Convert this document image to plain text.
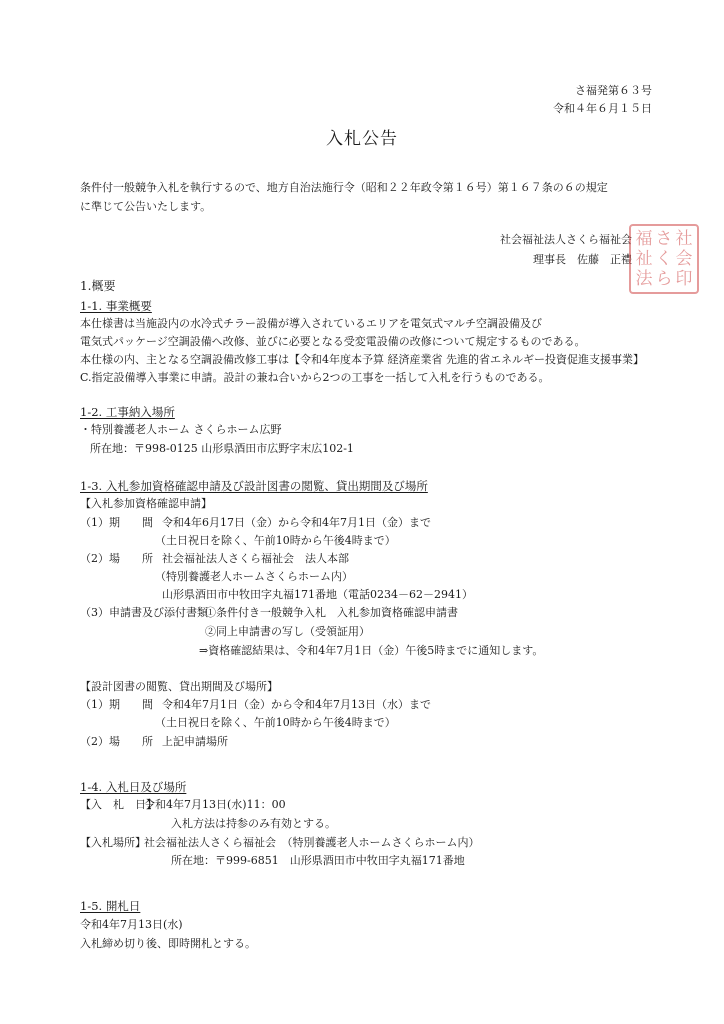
さ福発第６３号
令和４年６月１５日
入札公告
条件付一般競争入札を執行するので、地方自治法施行令（昭和２２年政令第１６号）第１６７条の６の規定
に準じて公告いたします。
社会福祉法人さくら福祉会
理事長　佐藤　正禮
福 さ 社
祉 く 会
法 ら 印
1.概要
1-1. 事業概要
本仕様書は当施設内の水冷式チラー設備が導入されているエリアを電気式マルチ空調設備及び
電気式パッケージ空調設備へ改修、並びに必要となる受変電設備の改修について規定するものである。
本仕様の内、主となる空調設備改修工事は【令和4年度本予算 経済産業省 先進的省エネルギー投資促進支援事業】
C.指定設備導入事業に申請。設計の兼ね合いから2つの工事を一括して入札を行うものである。
1-2. 工事納入場所
・特別養護老人ホーム さくらホーム広野
所在地：〒998-0125 山形県酒田市広野字末広102-1
1-3. 入札参加資格確認申請及び設計図書の閲覧、貸出期間及び場所
【入札参加資格確認申請】
（1）期　　間 令和4年6月17日（金）から令和4年7月1日（金）まで
（土日祝日を除く、午前10時から午後4時まで）
（2）場　　所 社会福祉法人さくら福祉会　法人本部
（特別養護老人ホームさくらホーム内）
山形県酒田市中牧田字丸福171番地（電話0234－62－2941）
（3）申請書及び添付書類
①条件付き一般競争入札　入札参加資格確認申請書
②同上申請書の写し（受領証用）
⇒資格確認結果は、令和4年7月1日（金）午後5時までに通知します。
【設計図書の閲覧、貸出期間及び場所】
（1）期　　間 令和4年7月1日（金）から令和4年7月13日（水）まで
（土日祝日を除く、午前10時から午後4時まで）
（2）場　　所 上記申請場所
1-4. 入札日及び場所
【入　札　日】
令和4年7月13日(水)11：00
入札方法は持参のみ有効とする。
【入札場所】
社会福祉法人さくら福祉会　（特別養護老人ホームさくらホーム内）
所在地：〒999-6851　山形県酒田市中牧田字丸福171番地
1-5. 開札日
令和4年7月13日(水)
入札締め切り後、即時開札とする。
